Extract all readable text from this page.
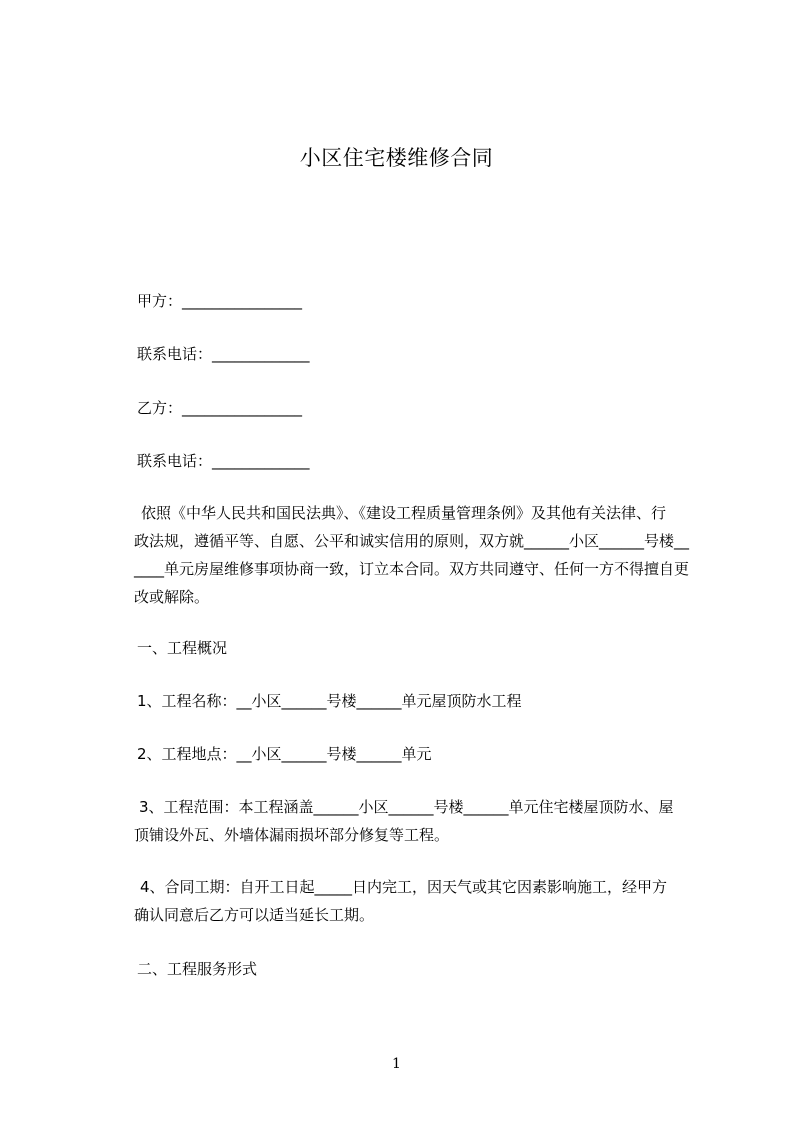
小区住宅楼维修合同
甲方：________________
联系电话：_____________
乙方：________________
联系电话：_____________
依照《中华人民共和国民法典》、《建设工程质量管理条例》及其他有关法律、行
政法规，遵循平等、自愿、公平和诚实信用的原则，双方就______小区______号楼__
____单元房屋维修事项协商一致，订立本合同。双方共同遵守、任何一方不得擅自更
改或解除。
一、工程概况
1、工程名称：__小区______号楼______单元屋顶防水工程
2、工程地点：__小区______号楼______单元
3、工程范围：本工程涵盖______小区______号楼______单元住宅楼屋顶防水、屋
顶铺设外瓦、外墙体漏雨损坏部分修复等工程。
4、合同工期：自开工日起_____日内完工，因天气或其它因素影响施工，经甲方
确认同意后乙方可以适当延长工期。
二、工程服务形式
1
